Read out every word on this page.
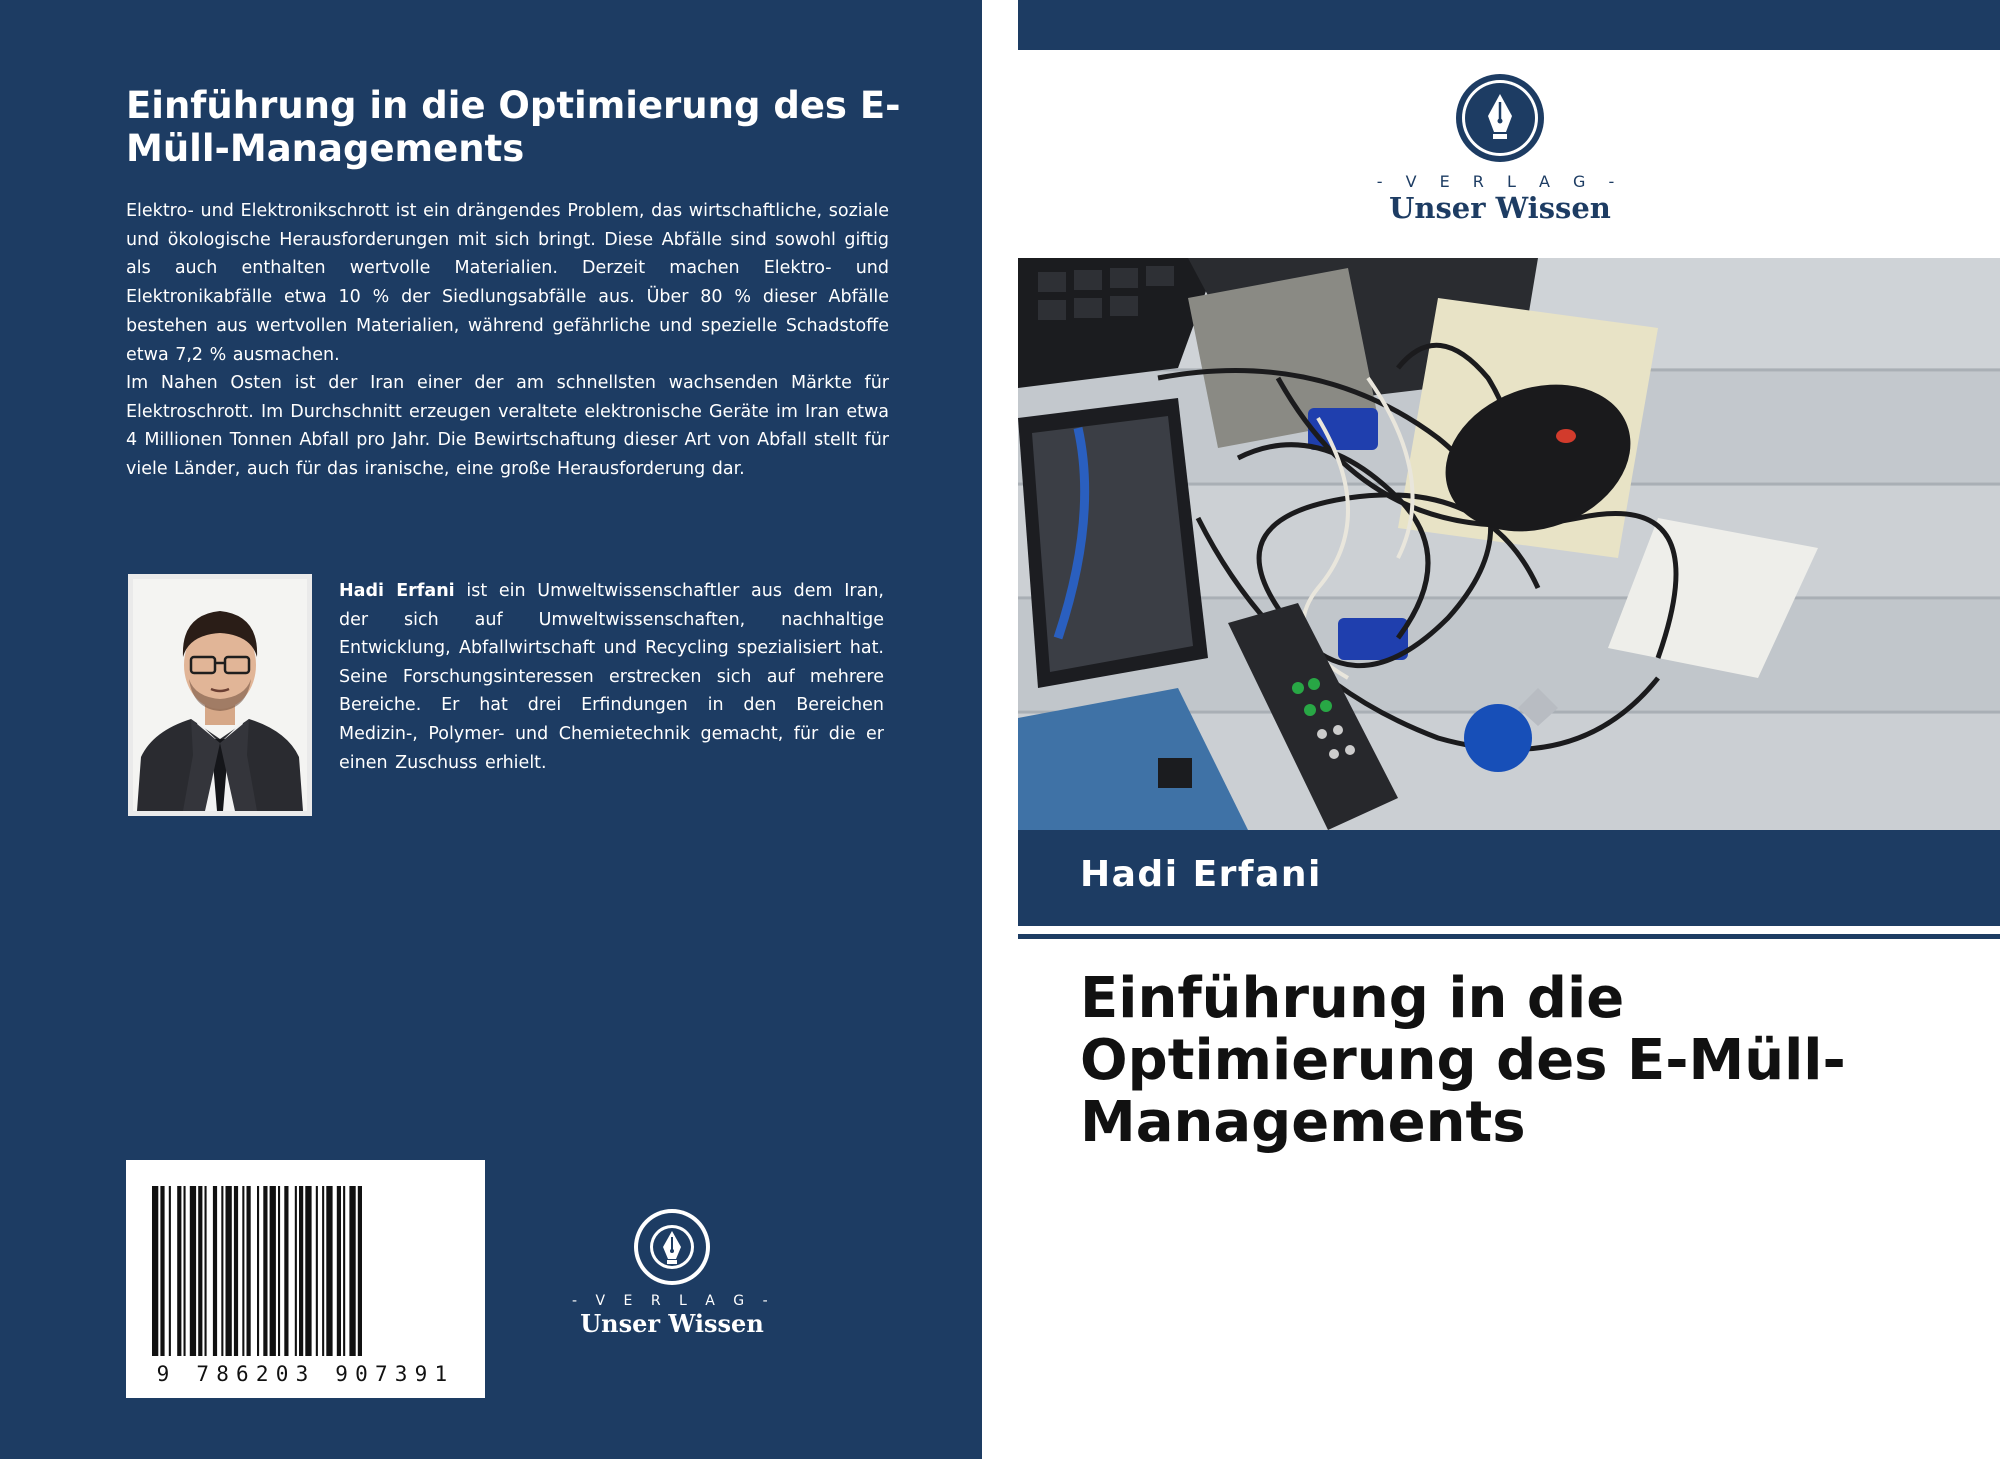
Einführung in die Optimierung des E-Müll-Managements

Elektro- und Elektronikschrott ist ein drängendes Problem, das wirtschaftliche, soziale und ökologische Herausforderungen mit sich bringt. Diese Abfälle sind sowohl giftig als auch enthalten wertvolle Materialien. Derzeit machen Elektro- und Elektronikabfälle etwa 10 % der Siedlungsabfälle aus. Über 80 % dieser Abfälle bestehen aus wertvollen Materialien, während gefährliche und spezielle Schadstoffe etwa 7,2 % ausmachen.

Im Nahen Osten ist der Iran einer der am schnellsten wachsenden Märkte für Elektroschrott. Im Durchschnitt erzeugen veraltete elektronische Geräte im Iran etwa 4 Millionen Tonnen Abfall pro Jahr. Die Bewirtschaftung dieser Art von Abfall stellt für viele Länder, auch für das iranische, eine große Herausforderung dar.

Hadi Erfani ist ein Umweltwissenschaftler aus dem Iran, der sich auf Umweltwissenschaften, nachhaltige Entwicklung, Abfallwirtschaft und Recycling spezialisiert hat. Seine Forschungsinteressen erstrecken sich auf mehrere Bereiche. Er hat drei Erfindungen in den Bereichen Medizin-, Polymer- und Chemietechnik gemacht, für die er einen Zuschuss erhielt.

9 786203 907391
- V E R L A G -
Unser Wissen
- V E R L A G -
Unser Wissen

Hadi Erfani

Einführung in die Optimierung des E-Müll-Managements
